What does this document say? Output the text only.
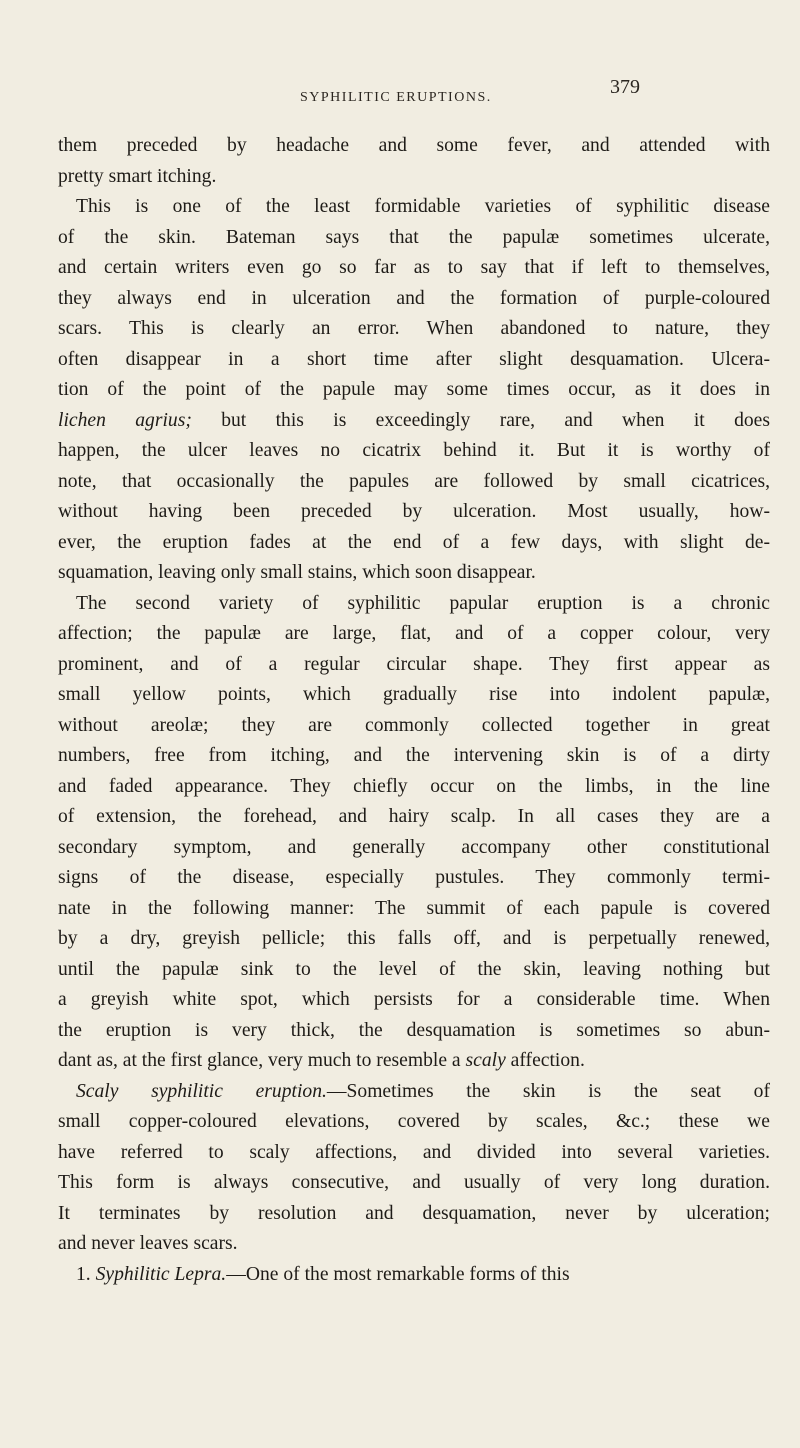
SYPHILITIC ERUPTIONS.	379
them preceded by headache and some fever, and attended with
pretty smart itching.
This is one of the least formidable varieties of syphilitic disease
of the skin. Bateman says that the papulæ sometimes ulcerate,
and certain writers even go so far as to say that if left to themselves,
they always end in ulceration and the formation of purple-coloured
scars. This is clearly an error. When abandoned to nature, they
often disappear in a short time after slight desquamation. Ulcera-
tion of the point of the papule may some times occur, as it does in
lichen agrius; but this is exceedingly rare, and when it does
happen, the ulcer leaves no cicatrix behind it. But it is worthy of
note, that occasionally the papules are followed by small cicatrices,
without having been preceded by ulceration. Most usually, how-
ever, the eruption fades at the end of a few days, with slight de-
squamation, leaving only small stains, which soon disappear.
The second variety of syphilitic papular eruption is a chronic
affection; the papulæ are large, flat, and of a copper colour, very
prominent, and of a regular circular shape. They first appear as
small yellow points, which gradually rise into indolent papulæ,
without areolæ; they are commonly collected together in great
numbers, free from itching, and the intervening skin is of a dirty
and faded appearance. They chiefly occur on the limbs, in the line
of extension, the forehead, and hairy scalp. In all cases they are a
secondary symptom, and generally accompany other constitutional
signs of the disease, especially pustules. They commonly termi-
nate in the following manner: The summit of each papule is covered
by a dry, greyish pellicle; this falls off, and is perpetually renewed,
until the papulæ sink to the level of the skin, leaving nothing but
a greyish white spot, which persists for a considerable time. When
the eruption is very thick, the desquamation is sometimes so abun-
dant as, at the first glance, very much to resemble a scaly affection.
Scaly syphilitic eruption.—Sometimes the skin is the seat of
small copper-coloured elevations, covered by scales, &c.; these we
have referred to scaly affections, and divided into several varieties.
This form is always consecutive, and usually of very long duration.
It terminates by resolution and desquamation, never by ulceration;
and never leaves scars.
1. Syphilitic Lepra.—One of the most remarkable forms of this
